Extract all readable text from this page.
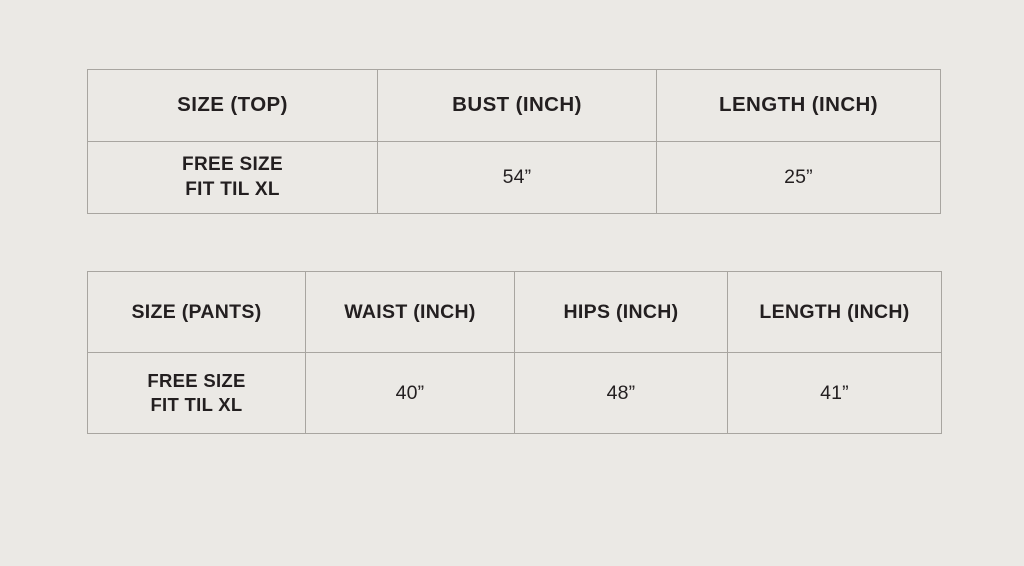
SIZE (TOP)	BUST (INCH)	LENGTH (INCH)

FREE SIZE
FIT TIL XL	54”	25”
SIZE (PANTS)	WAIST (INCH)	HIPS (INCH)	LENGTH (INCH)

FREE SIZE
FIT TIL XL	40”	48”	41”
